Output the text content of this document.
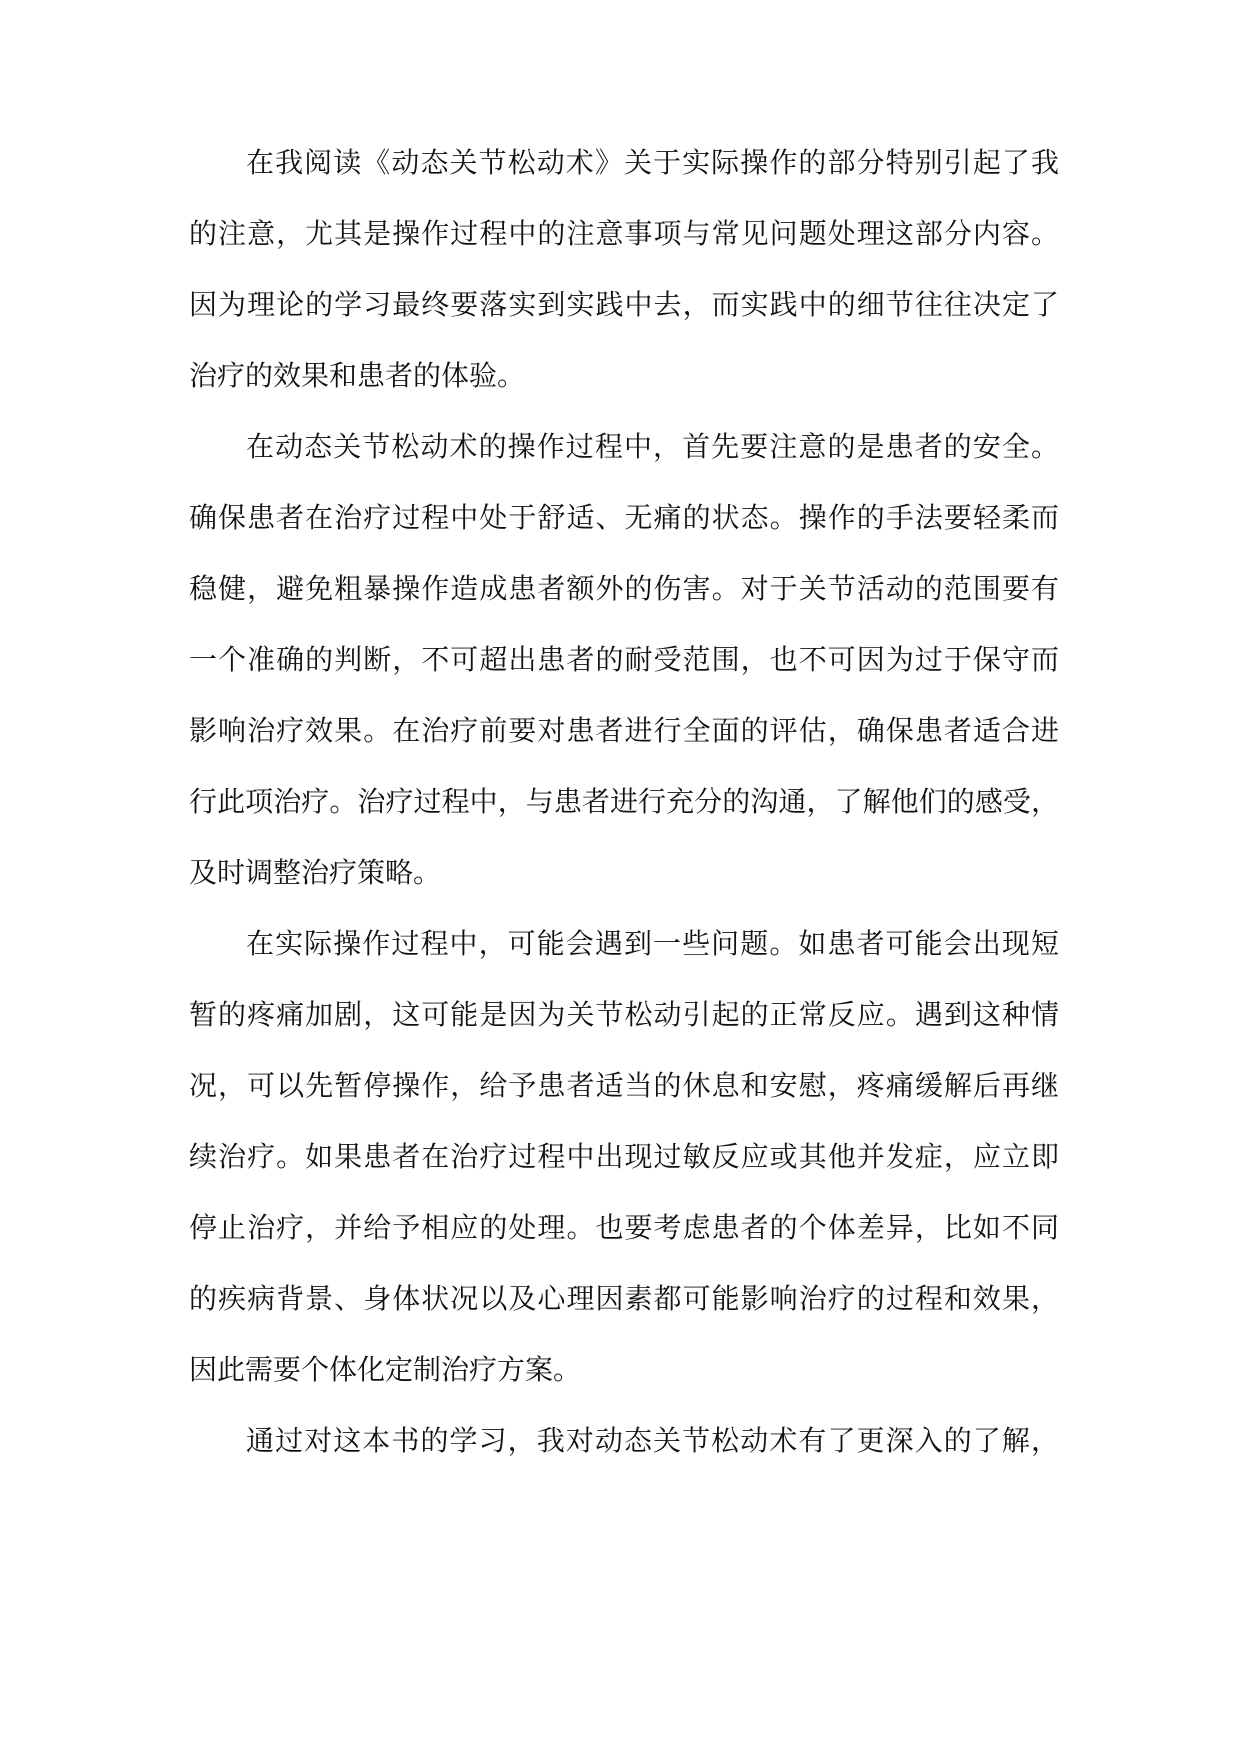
在我阅读《动态关节松动术》关于实际操作的部分特别引起了我
的注意，尤其是操作过程中的注意事项与常见问题处理这部分内容。
因为理论的学习最终要落实到实践中去，而实践中的细节往往决定了
治疗的效果和患者的体验。
在动态关节松动术的操作过程中，首先要注意的是患者的安全。
确保患者在治疗过程中处于舒适、无痛的状态。操作的手法要轻柔而
稳健，避免粗暴操作造成患者额外的伤害。对于关节活动的范围要有
一个准确的判断，不可超出患者的耐受范围，也不可因为过于保守而
影响治疗效果。在治疗前要对患者进行全面的评估，确保患者适合进
行此项治疗。治疗过程中，与患者进行充分的沟通，了解他们的感受，
及时调整治疗策略。
在实际操作过程中，可能会遇到一些问题。如患者可能会出现短
暂的疼痛加剧，这可能是因为关节松动引起的正常反应。遇到这种情
况，可以先暂停操作，给予患者适当的休息和安慰，疼痛缓解后再继
续治疗。如果患者在治疗过程中出现过敏反应或其他并发症，应立即
停止治疗，并给予相应的处理。也要考虑患者的个体差异，比如不同
的疾病背景、身体状况以及心理因素都可能影响治疗的过程和效果，
因此需要个体化定制治疗方案。
通过对这本书的学习，我对动态关节松动术有了更深入的了解，
